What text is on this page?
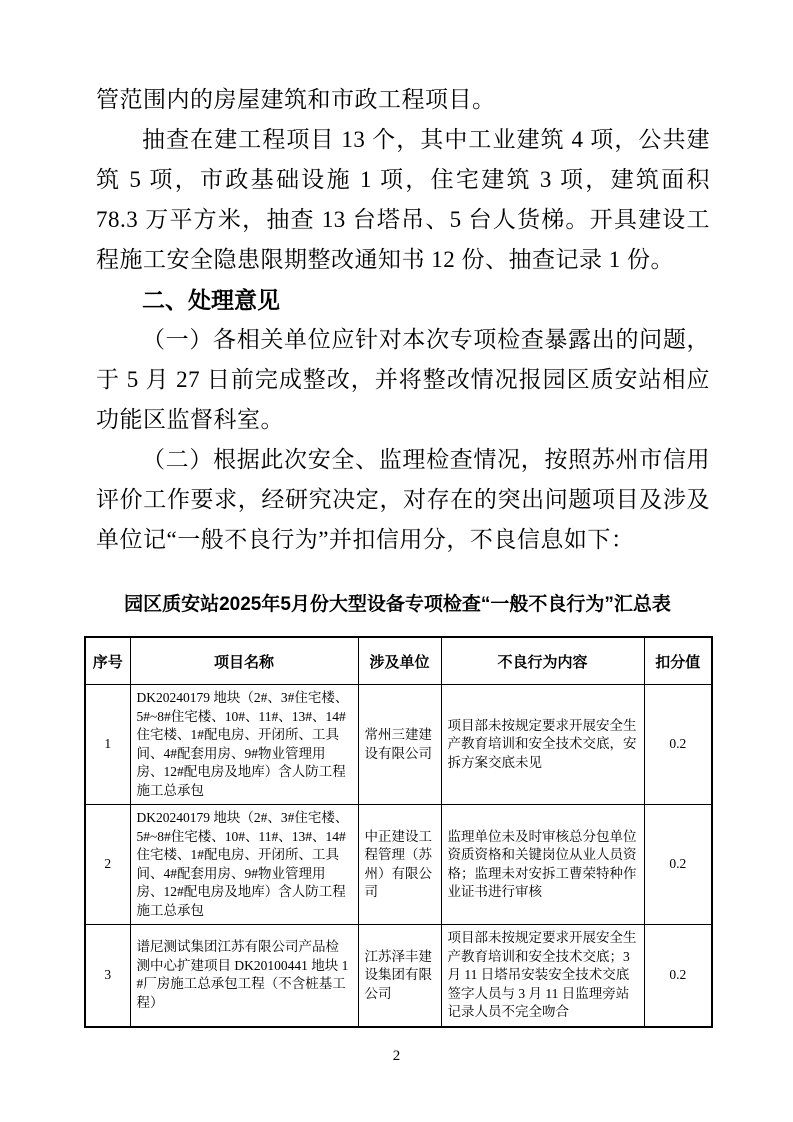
管范围内的房屋建筑和市政工程项目。

抽查在建工程项目 13 个，其中工业建筑 4 项，公共建筑 5 项，市政基础设施 1 项，住宅建筑 3 项，建筑面积 78.3 万平方米，抽查 13 台塔吊、5 台人货梯。开具建设工程施工安全隐患限期整改通知书 12 份、抽查记录 1 份。

二、处理意见

（一）各相关单位应针对本次专项检查暴露出的问题，于 5 月 27 日前完成整改，并将整改情况报园区质安站相应功能区监督科室。

（二）根据此次安全、监理检查情况，按照苏州市信用评价工作要求，经研究决定，对存在的突出问题项目及涉及单位记“一般不良行为”并扣信用分，不良信息如下：

园区质安站2025年5月份大型设备专项检查“一般不良行为”汇总表
序号	项目名称	涉及单位	不良行为内容	扣分值
1	DK20240179 地块（2#、3#住宅楼、5#~8#住宅楼、10#、11#、13#、14#住宅楼、1#配电房、开闭所、工具间、4#配套用房、9#物业管理用房、12#配电房及地库）含人防工程施工总承包	常州三建建设有限公司	项目部未按规定要求开展安全生产教育培训和安全技术交底，安拆方案交底未见	0.2
2	DK20240179 地块（2#、3#住宅楼、5#~8#住宅楼、10#、11#、13#、14#住宅楼、1#配电房、开闭所、工具间、4#配套用房、9#物业管理用房、12#配电房及地库）含人防工程施工总承包	中正建设工程管理（苏州）有限公司	监理单位未及时审核总分包单位资质资格和关键岗位从业人员资格；监理未对安拆工曹荣特种作业证书进行审核	0.2
3	谱尼测试集团江苏有限公司产品检测中心扩建项目 DK20100441 地块 1#厂房施工总承包工程（不含桩基工程）	江苏泽丰建设集团有限公司	项目部未按规定要求开展安全生产教育培训和安全技术交底；3 月 11 日塔吊安装安全技术交底签字人员与 3 月 11 日监理旁站记录人员不完全吻合	0.2
2
